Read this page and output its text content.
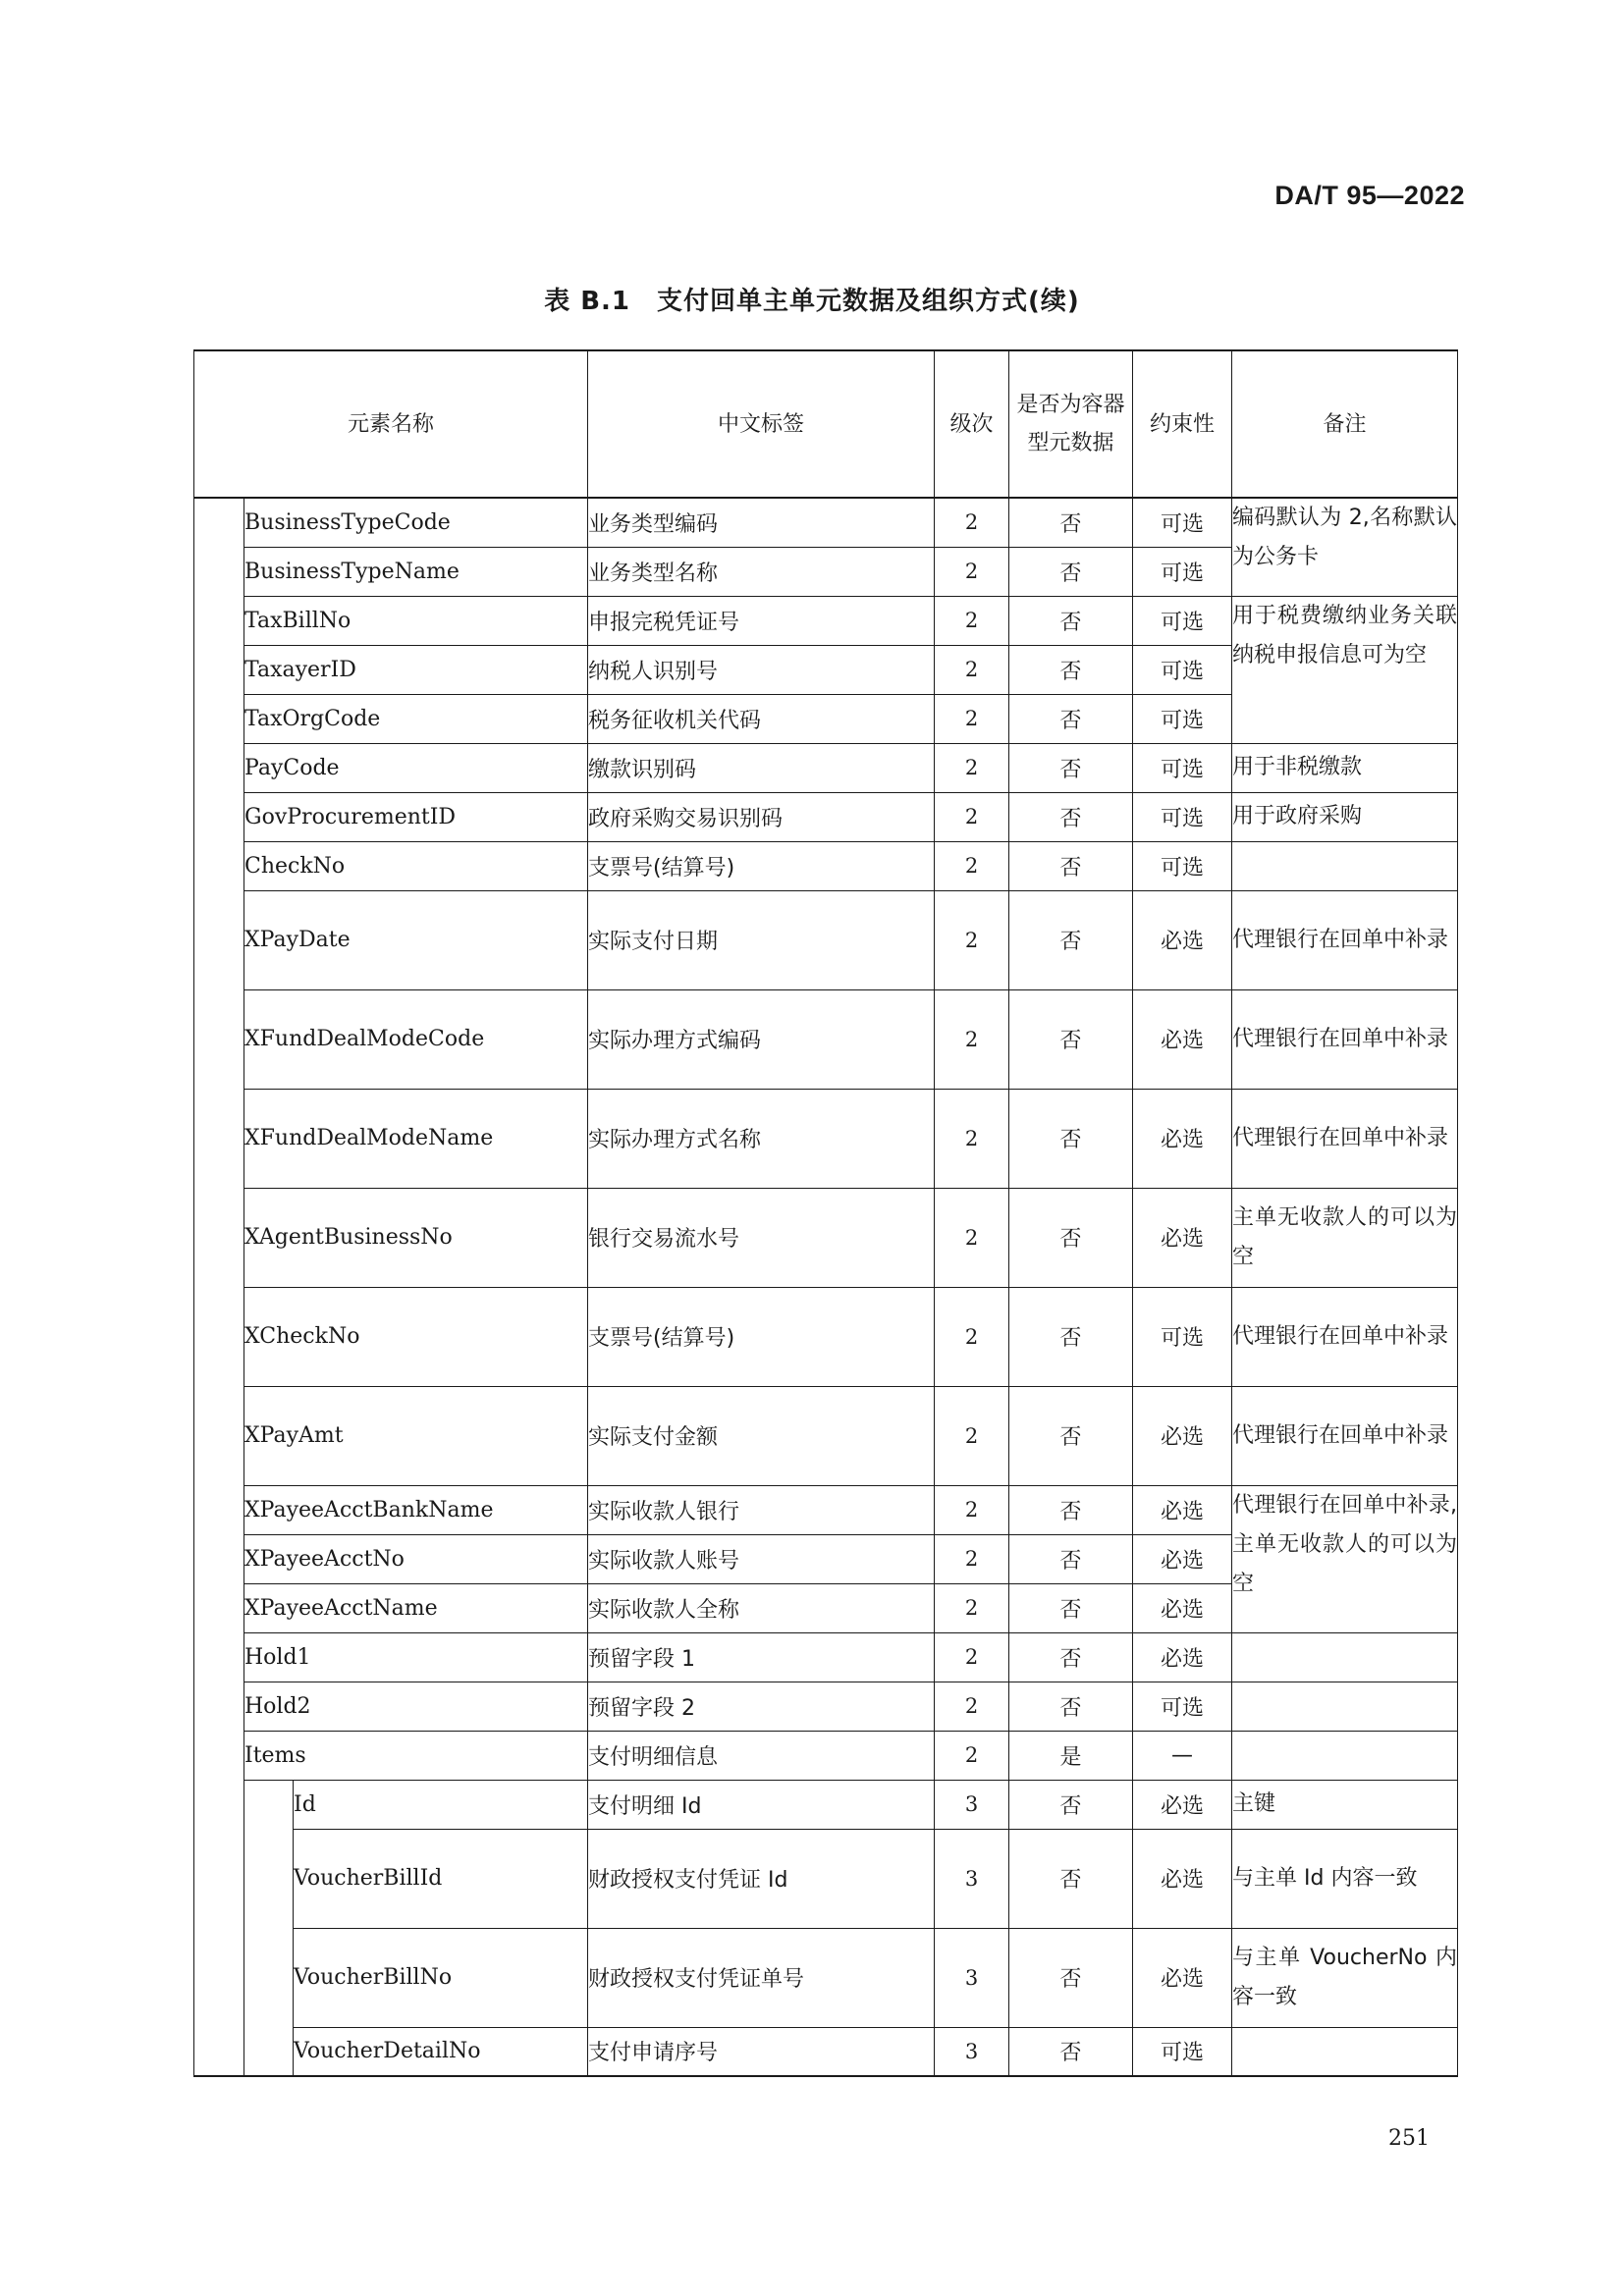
DA/T 95—2022
表 B.1　支付回单主单元数据及组织方式(续)
元素名称			中文标签	级次	是否为容器型元数据	约束性	备注
	BusinessTypeCode		业务类型编码	2	否	可选	编码默认为 2,名称默认为公务卡
	BusinessTypeName		业务类型名称	2	否	可选	
	TaxBillNo		申报完税凭证号	2	否	可选	用于税费缴纳业务关联纳税申报信息可为空
	TaxayerID		纳税人识别号	2	否	可选	
	TaxOrgCode		税务征收机关代码	2	否	可选	
	PayCode		缴款识别码	2	否	可选	用于非税缴款
	GovProcurementID		政府采购交易识别码	2	否	可选	用于政府采购
	CheckNo		支票号(结算号)	2	否	可选	
	XPayDate		实际支付日期	2	否	必选	代理银行在回单中补录
	XFundDealModeCode		实际办理方式编码	2	否	必选	代理银行在回单中补录
	XFundDealModeName		实际办理方式名称	2	否	必选	代理银行在回单中补录
	XAgentBusinessNo		银行交易流水号	2	否	必选	主单无收款人的可以为空
	XCheckNo		支票号(结算号)	2	否	可选	代理银行在回单中补录
	XPayAmt		实际支付金额	2	否	必选	代理银行在回单中补录
	XPayeeAcctBankName		实际收款人银行	2	否	必选	代理银行在回单中补录,主单无收款人的可以为空
	XPayeeAcctNo		实际收款人账号	2	否	必选	
	XPayeeAcctName		实际收款人全称	2	否	必选	
	Hold1		预留字段 1	2	否	必选	
	Hold2		预留字段 2	2	否	可选	
	Items		支付明细信息	2	是	—	
		Id	支付明细 Id	3	否	必选	主键
		VoucherBillId	财政授权支付凭证 Id	3	否	必选	与主单 Id 内容一致
		VoucherBillNo	财政授权支付凭证单号	3	否	必选	与主单 VoucherNo 内容一致
		VoucherDetailNo	支付申请序号	3	否	可选	
251
